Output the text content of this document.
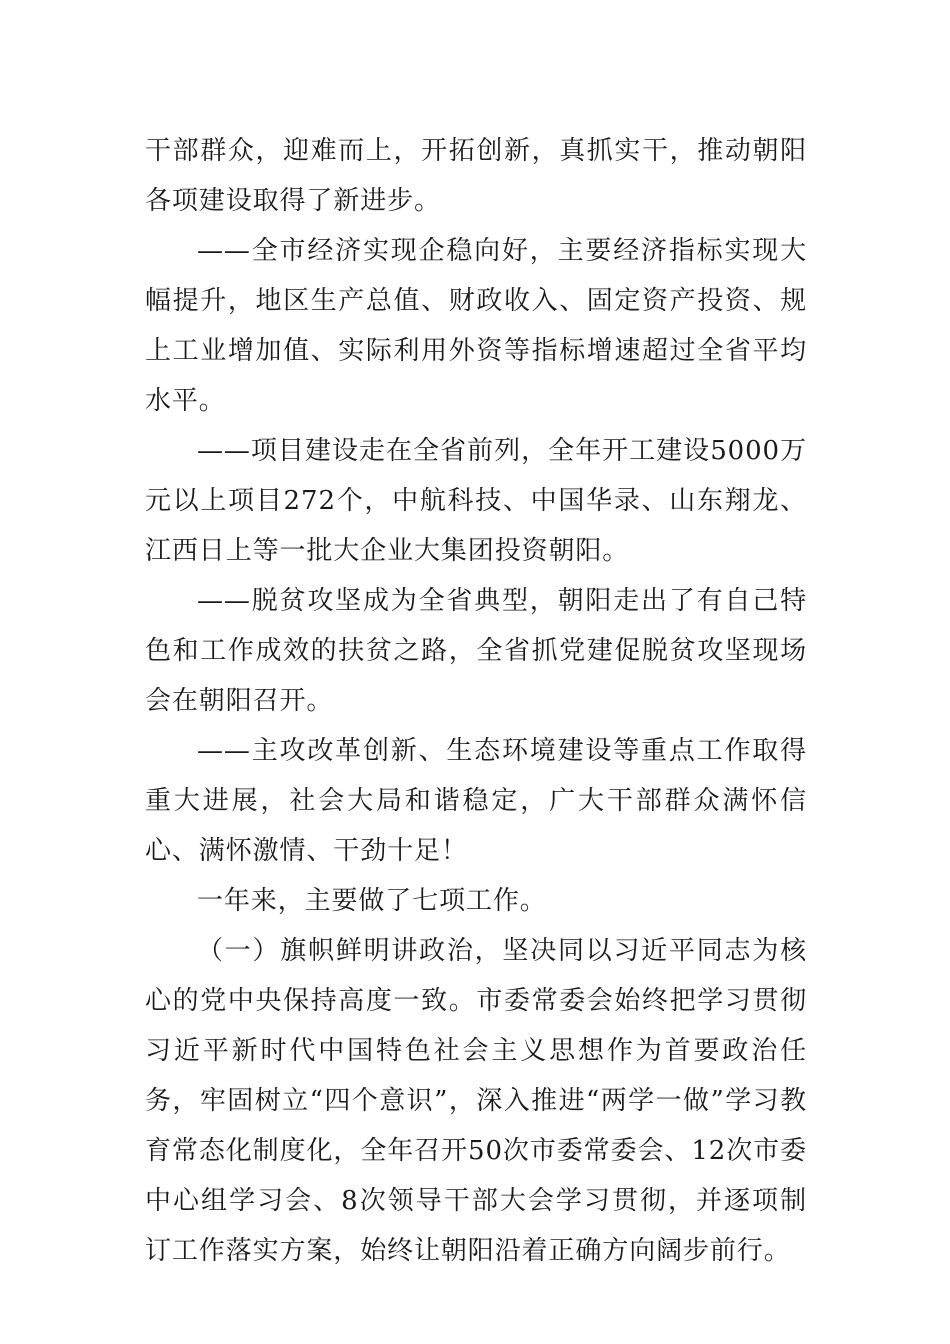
干部群众，迎难而上，开拓创新，真抓实干，推动朝阳各项建设取得了新进步。

——全市经济实现企稳向好，主要经济指标实现大幅提升，地区生产总值、财政收入、固定资产投资、规上工业增加值、实际利用外资等指标增速超过全省平均水平。

——项目建设走在全省前列，全年开工建设5000万元以上项目272个，中航科技、中国华录、山东翔龙、江西日上等一批大企业大集团投资朝阳。

——脱贫攻坚成为全省典型，朝阳走出了有自己特色和工作成效的扶贫之路，全省抓党建促脱贫攻坚现场会在朝阳召开。

——主攻改革创新、生态环境建设等重点工作取得重大进展，社会大局和谐稳定，广大干部群众满怀信心、满怀激情、干劲十足！

一年来，主要做了七项工作。

（一）旗帜鲜明讲政治，坚决同以习近平同志为核心的党中央保持高度一致。市委常委会始终把学习贯彻习近平新时代中国特色社会主义思想作为首要政治任务，牢固树立“四个意识”，深入推进“两学一做”学习教育常态化制度化，全年召开50次市委常委会、12次市委中心组学习会、8次领导干部大会学习贯彻，并逐项制订工作落实方案，始终让朝阳沿着正确方向阔步前行。
